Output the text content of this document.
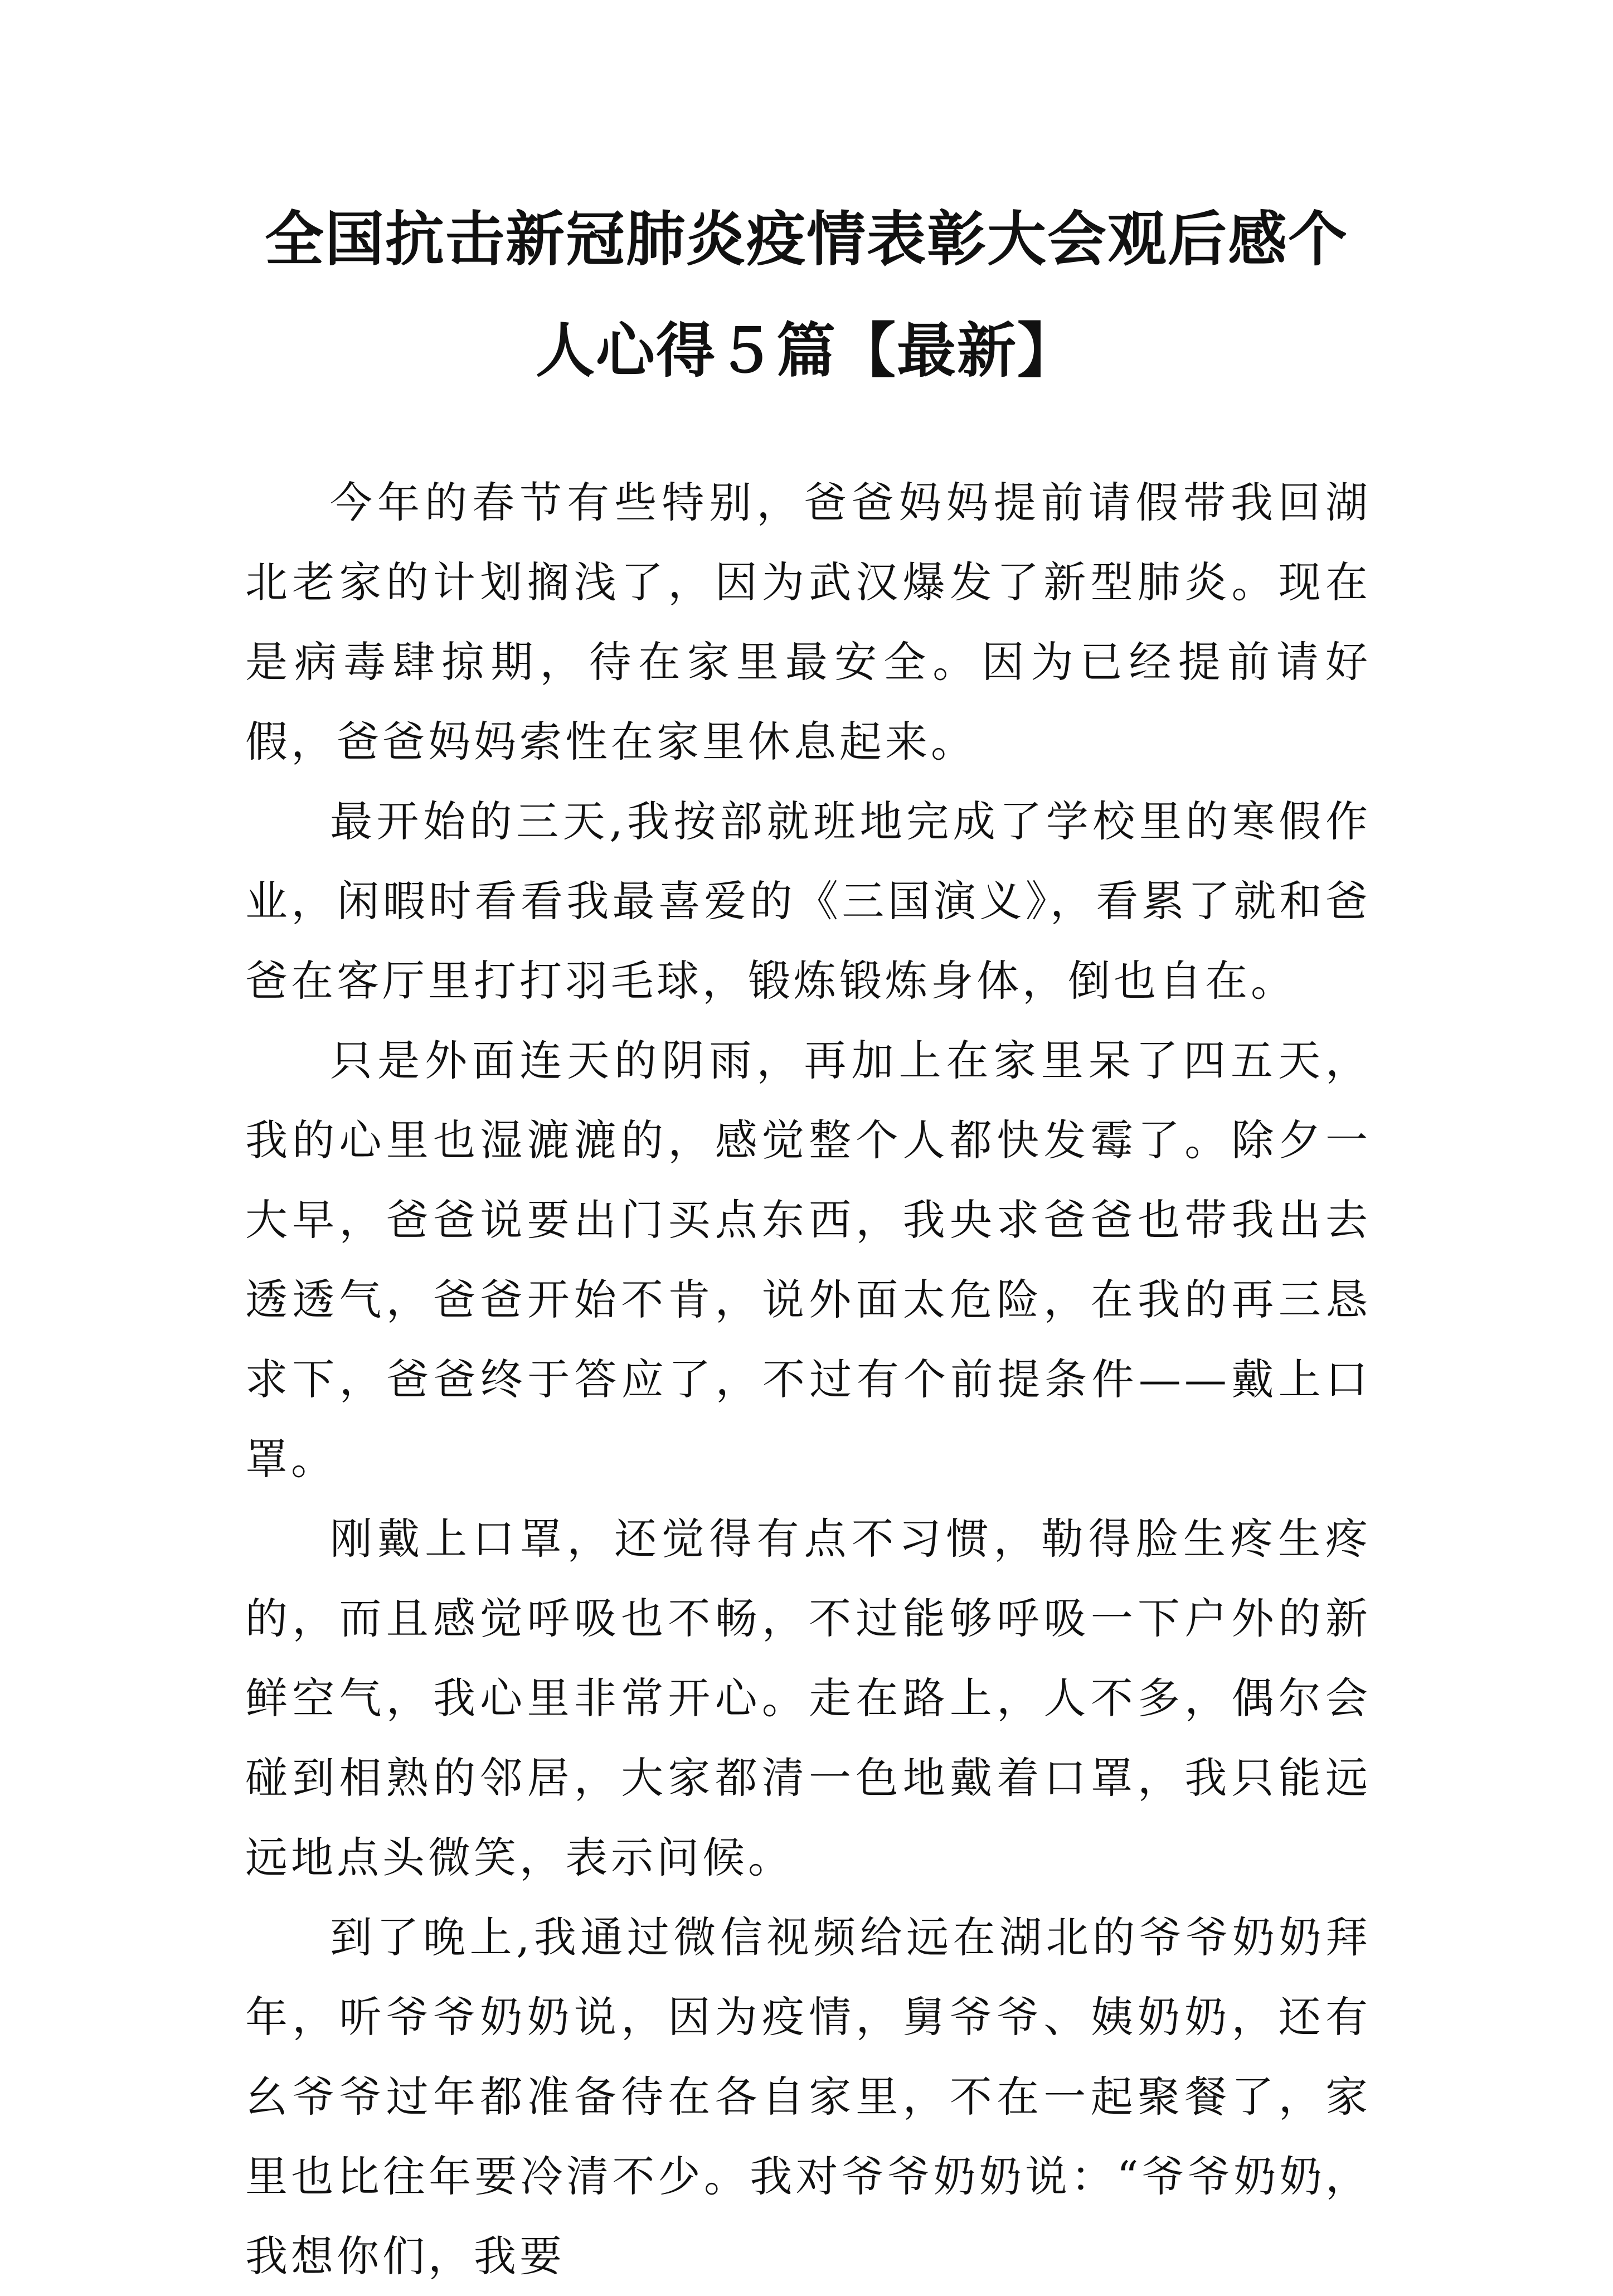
全国抗击新冠肺炎疫情表彰大会观后感个
人心得５篇【最新】

今年的春节有些特别，爸爸妈妈提前请假带我回湖北老家的计划搁浅了，因为武汉爆发了新型肺炎。现在是病毒肆掠期，待在家里最安全。因为已经提前请好假，爸爸妈妈索性在家里休息起来。

最开始的三天,我按部就班地完成了学校里的寒假作业，闲暇时看看我最喜爱的《三国演义》，看累了就和爸爸在客厅里打打羽毛球，锻炼锻炼身体，倒也自在。

只是外面连天的阴雨，再加上在家里呆了四五天，我的心里也湿漉漉的，感觉整个人都快发霉了。除夕一大早，爸爸说要出门买点东西，我央求爸爸也带我出去透透气，爸爸开始不肯，说外面太危险，在我的再三恳求下，爸爸终于答应了，不过有个前提条件——戴上口罩。

刚戴上口罩，还觉得有点不习惯，勒得脸生疼生疼的，而且感觉呼吸也不畅，不过能够呼吸一下户外的新鲜空气，我心里非常开心。走在路上，人不多，偶尔会碰到相熟的邻居，大家都清一色地戴着口罩，我只能远远地点头微笑，表示问候。

到了晚上,我通过微信视频给远在湖北的爷爷奶奶拜年，听爷爷奶奶说，因为疫情，舅爷爷、姨奶奶，还有幺爷爷过年都准备待在各自家里，不在一起聚餐了，家里也比往年要冷清不少。我对爷爷奶奶说：“爷爷奶奶，我想你们，我要
